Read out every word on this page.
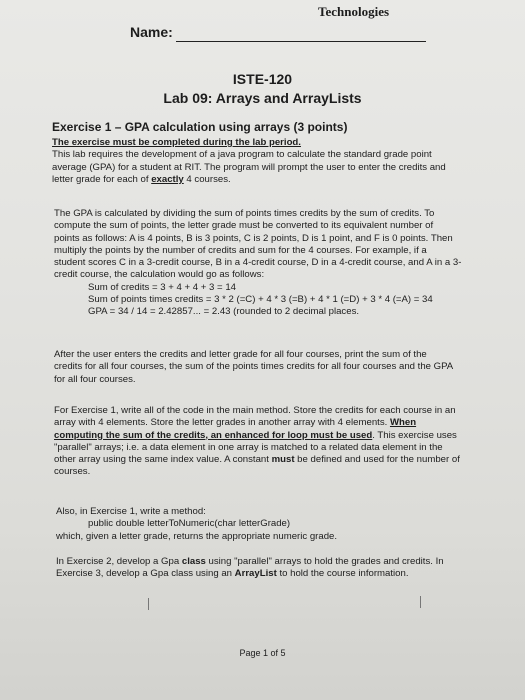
Technologies
Name:
ISTE-120
Lab 09: Arrays and ArrayLists
Exercise 1 – GPA calculation using arrays (3 points)
The exercise must be completed during the lab period.
This lab requires the development of a java program to calculate the standard grade point
average (GPA) for a student at RIT. The program will prompt the user to enter the credits and
letter grade for each of exactly 4 courses.
The GPA is calculated by dividing the sum of points times credits by the sum of credits. To
compute the sum of points, the letter grade must be converted to its equivalent number of
points as follows: A is 4 points, B is 3 points, C is 2 points, D is 1 point, and F is 0 points. Then
multiply the points by the number of credits and sum for the 4 courses. For example, if a
student scores C in a 3-credit course, B in a 4-credit course, D in a 4-credit course, and A in a 3-
credit course, the calculation would go as follows:
Sum of credits = 3 + 4 + 4 + 3 = 14
Sum of points times credits = 3 * 2 (=C) + 4 * 3 (=B) + 4 * 1 (=D) + 3 * 4 (=A) = 34
GPA = 34 / 14 = 2.42857... = 2.43 (rounded to 2 decimal places.
After the user enters the credits and letter grade for all four courses, print the sum of the
credits for all four courses, the sum of the points times credits for all four courses and the GPA
for all four courses.
For Exercise 1, write all of the code in the main method. Store the credits for each course in an
array with 4 elements. Store the letter grades in another array with 4 elements. When
computing the sum of the credits, an enhanced for loop must be used. This exercise uses
"parallel" arrays; i.e. a data element in one array is matched to a related data element in the
other array using the same index value. A constant must be defined and used for the number of
courses.
Also, in Exercise 1, write a method:
public double letterToNumeric(char letterGrade)
which, given a letter grade, returns the appropriate numeric grade.
In Exercise 2, develop a Gpa class using "parallel" arrays to hold the grades and credits. In
Exercise 3, develop a Gpa class using an ArrayList to hold the course information.
Page 1 of 5
